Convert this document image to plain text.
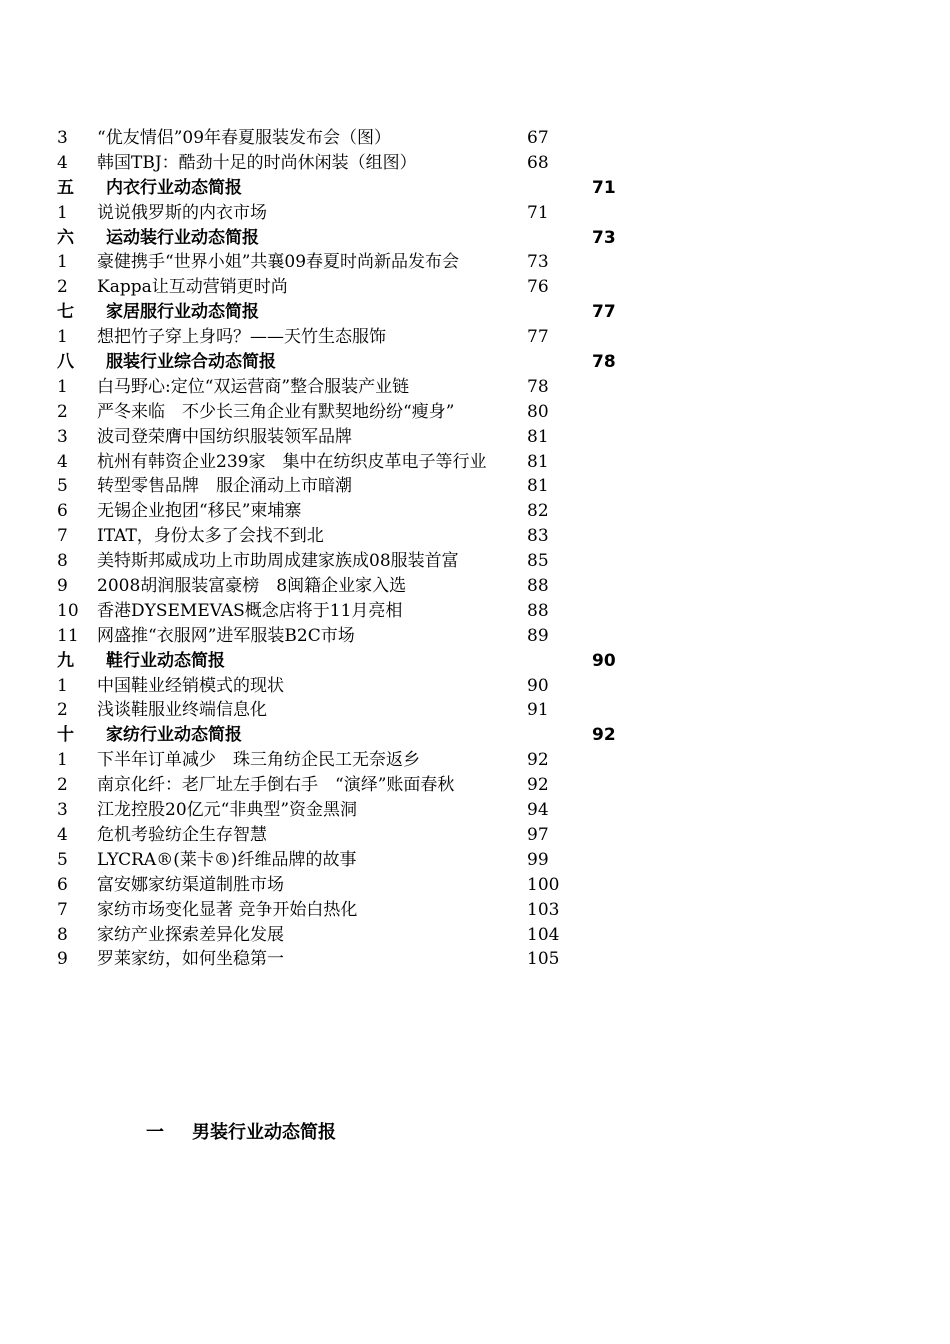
3 “优友情侣”09年春夏服装发布会（图）	67
4 韩国TBJ：酷劲十足的时尚休闲装（组图）	68
五 内衣行业动态简报	71
1 说说俄罗斯的内衣市场	71
六 运动装行业动态简报	73
1 豪健携手“世界小姐”共襄09春夏时尚新品发布会	73
2 Kappa让互动营销更时尚	76
七 家居服行业动态简报	77
1 想把竹子穿上身吗？——天竹生态服饰	77
八 服装行业综合动态简报	78
1 白马野心:定位“双运营商”整合服装产业链	78
2 严冬来临　不少长三角企业有默契地纷纷“瘦身”	80
3 波司登荣膺中国纺织服装领军品牌	81
4 杭州有韩资企业239家　集中在纺织皮革电子等行业 81
5 转型零售品牌　服企涌动上市暗潮	81
6 无锡企业抱团“移民”柬埔寨	82
7 ITAT，身份太多了会找不到北	83
8 美特斯邦威成功上市助周成建家族成08服装首富	85
9 2008胡润服装富豪榜　8闽籍企业家入选	88
10 香港DYSEMEVAS概念店将于11月亮相	88
11 网盛推“衣服网”进军服装B2C市场	89
九 鞋行业动态简报	90
1 中国鞋业经销模式的现状	90
2 浅谈鞋服业终端信息化	91
十 家纺行业动态简报	92
1 下半年订单减少　珠三角纺企民工无奈返乡	92
2 南京化纤：老厂址左手倒右手　“演绎”账面春秋	92
3 江龙控股20亿元“非典型”资金黑洞	94
4 危机考验纺企生存智慧	97
5 LYCRA®(莱卡®)纤维品牌的故事	99
6 富安娜家纺渠道制胜市场	100
7 家纺市场变化显著 竞争开始白热化	103
8 家纺产业探索差异化发展	104
9 罗莱家纺，如何坐稳第一	105
一 男装行业动态简报
